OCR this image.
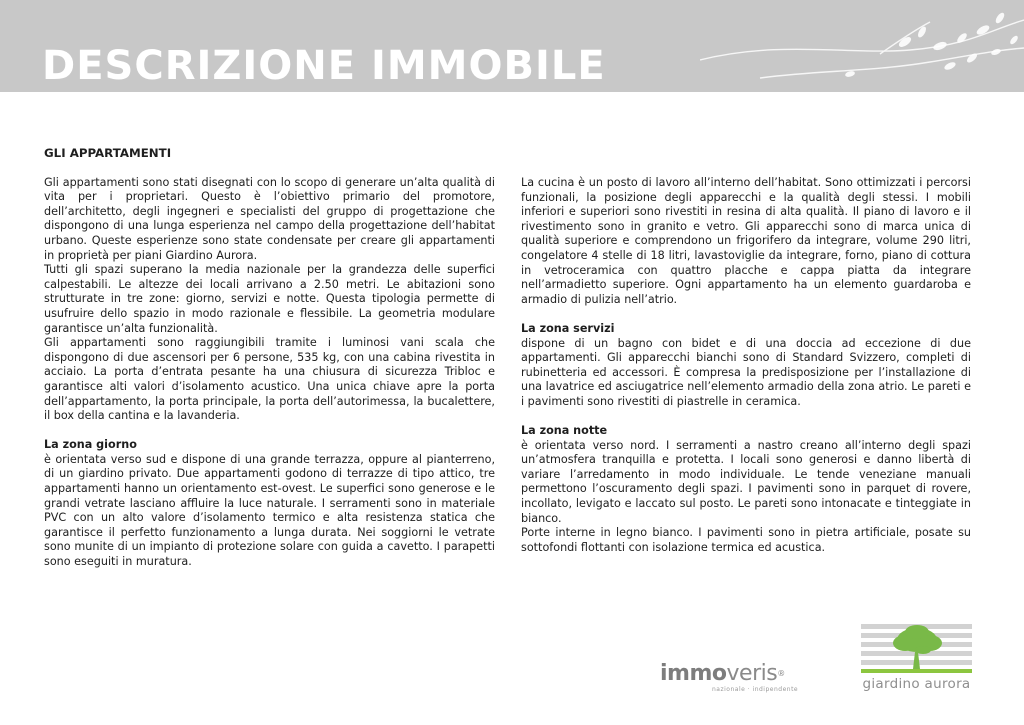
DESCRIZIONE IMMOBILE
GLI APPARTAMENTI

Gli appartamenti sono stati disegnati con lo scopo di generare un’alta qualità di vita per i proprietari. Questo è l’obiettivo primario del promotore, dell’architetto, degli ingegneri e specialisti del gruppo di progettazione che dispongono di una lunga esperienza nel campo della progettazione dell’habitat urbano. Queste esperienze sono state condensate per creare gli appartamenti in proprietà per piani Giardino Aurora.

Tutti gli spazi superano la media nazionale per la grandezza delle superfici calpestabili. Le altezze dei locali arrivano a 2.50 metri. Le abitazioni sono strutturate in tre zone: giorno, servizi e notte. Questa tipologia permette di usufruire dello spazio in modo razionale e flessibile. La geometria modulare garantisce un’alta funzionalità.

Gli appartamenti sono raggiungibili tramite i luminosi vani scala che dispongono di due ascensori per 6 persone, 535 kg, con una cabina rivestita in acciaio. La porta d’entrata pesante ha una chiusura di sicurezza Tribloc e garantisce alti valori d’isolamento acustico. Una unica chiave apre la porta dell’appartamento, la porta principale, la porta dell’autorimessa, la bucalettere, il box della cantina e la lavanderia.

La zona giorno

è orientata verso sud e dispone di una grande terrazza, oppure al pianterreno, di un giardino privato. Due appartamenti godono di terrazze di tipo attico, tre appartamenti hanno un orientamento est-ovest. Le superfici sono generose e le grandi vetrate lasciano affluire la luce naturale. I serramenti sono in materiale PVC con un alto valore d’isolamento termico e alta resistenza statica che garantisce il perfetto funzionamento a lunga durata. Nei soggiorni le vetrate sono munite di un impianto di protezione solare con guida a cavetto. I parapetti sono eseguiti in muratura.

La cucina è un posto di lavoro all’interno dell’habitat. Sono ottimizzati i percorsi funzionali, la posizione degli apparecchi e la qualità degli stessi. I mobili inferiori e superiori sono rivestiti in resina di alta qualità. Il piano di lavoro e il rivestimento sono in granito e vetro. Gli apparecchi sono di marca unica di qualità superiore e comprendono un frigorifero da integrare, volume 290 litri, congelatore 4 stelle di 18 litri, lavastoviglie da integrare, forno, piano di cottura in vetroceramica con quattro placche e cappa piatta da integrare nell’armadietto superiore. Ogni appartamento ha un elemento guardaroba e armadio di pulizia nell’atrio.

La zona servizi

dispone di un bagno con bidet e di una doccia ad eccezione di due appartamenti. Gli apparecchi bianchi sono di Standard Svizzero, completi di rubinetteria ed accessori. È compresa la predisposizione per l’installazione di una lavatrice ed asciugatrice nell’elemento armadio della zona atrio. Le pareti e i pavimenti sono rivestiti di piastrelle in ceramica.

La zona notte

è orientata verso nord. I serramenti a nastro creano all’interno degli spazi un’atmosfera tranquilla e protetta. I locali sono generosi e danno libertà di variare l’arredamento in modo individuale. Le tende veneziane manuali permettono l’oscuramento degli spazi. I pavimenti sono in parquet di rovere, incollato, levigato e laccato sul posto. Le pareti sono intonacate e tinteggiate in bianco.

Porte interne in legno bianco. I pavimenti sono in pietra artificiale, posate su sottofondi flottanti con isolazione termica ed acustica.

immoveris®
nazionale · indipendente	giardino aurora
